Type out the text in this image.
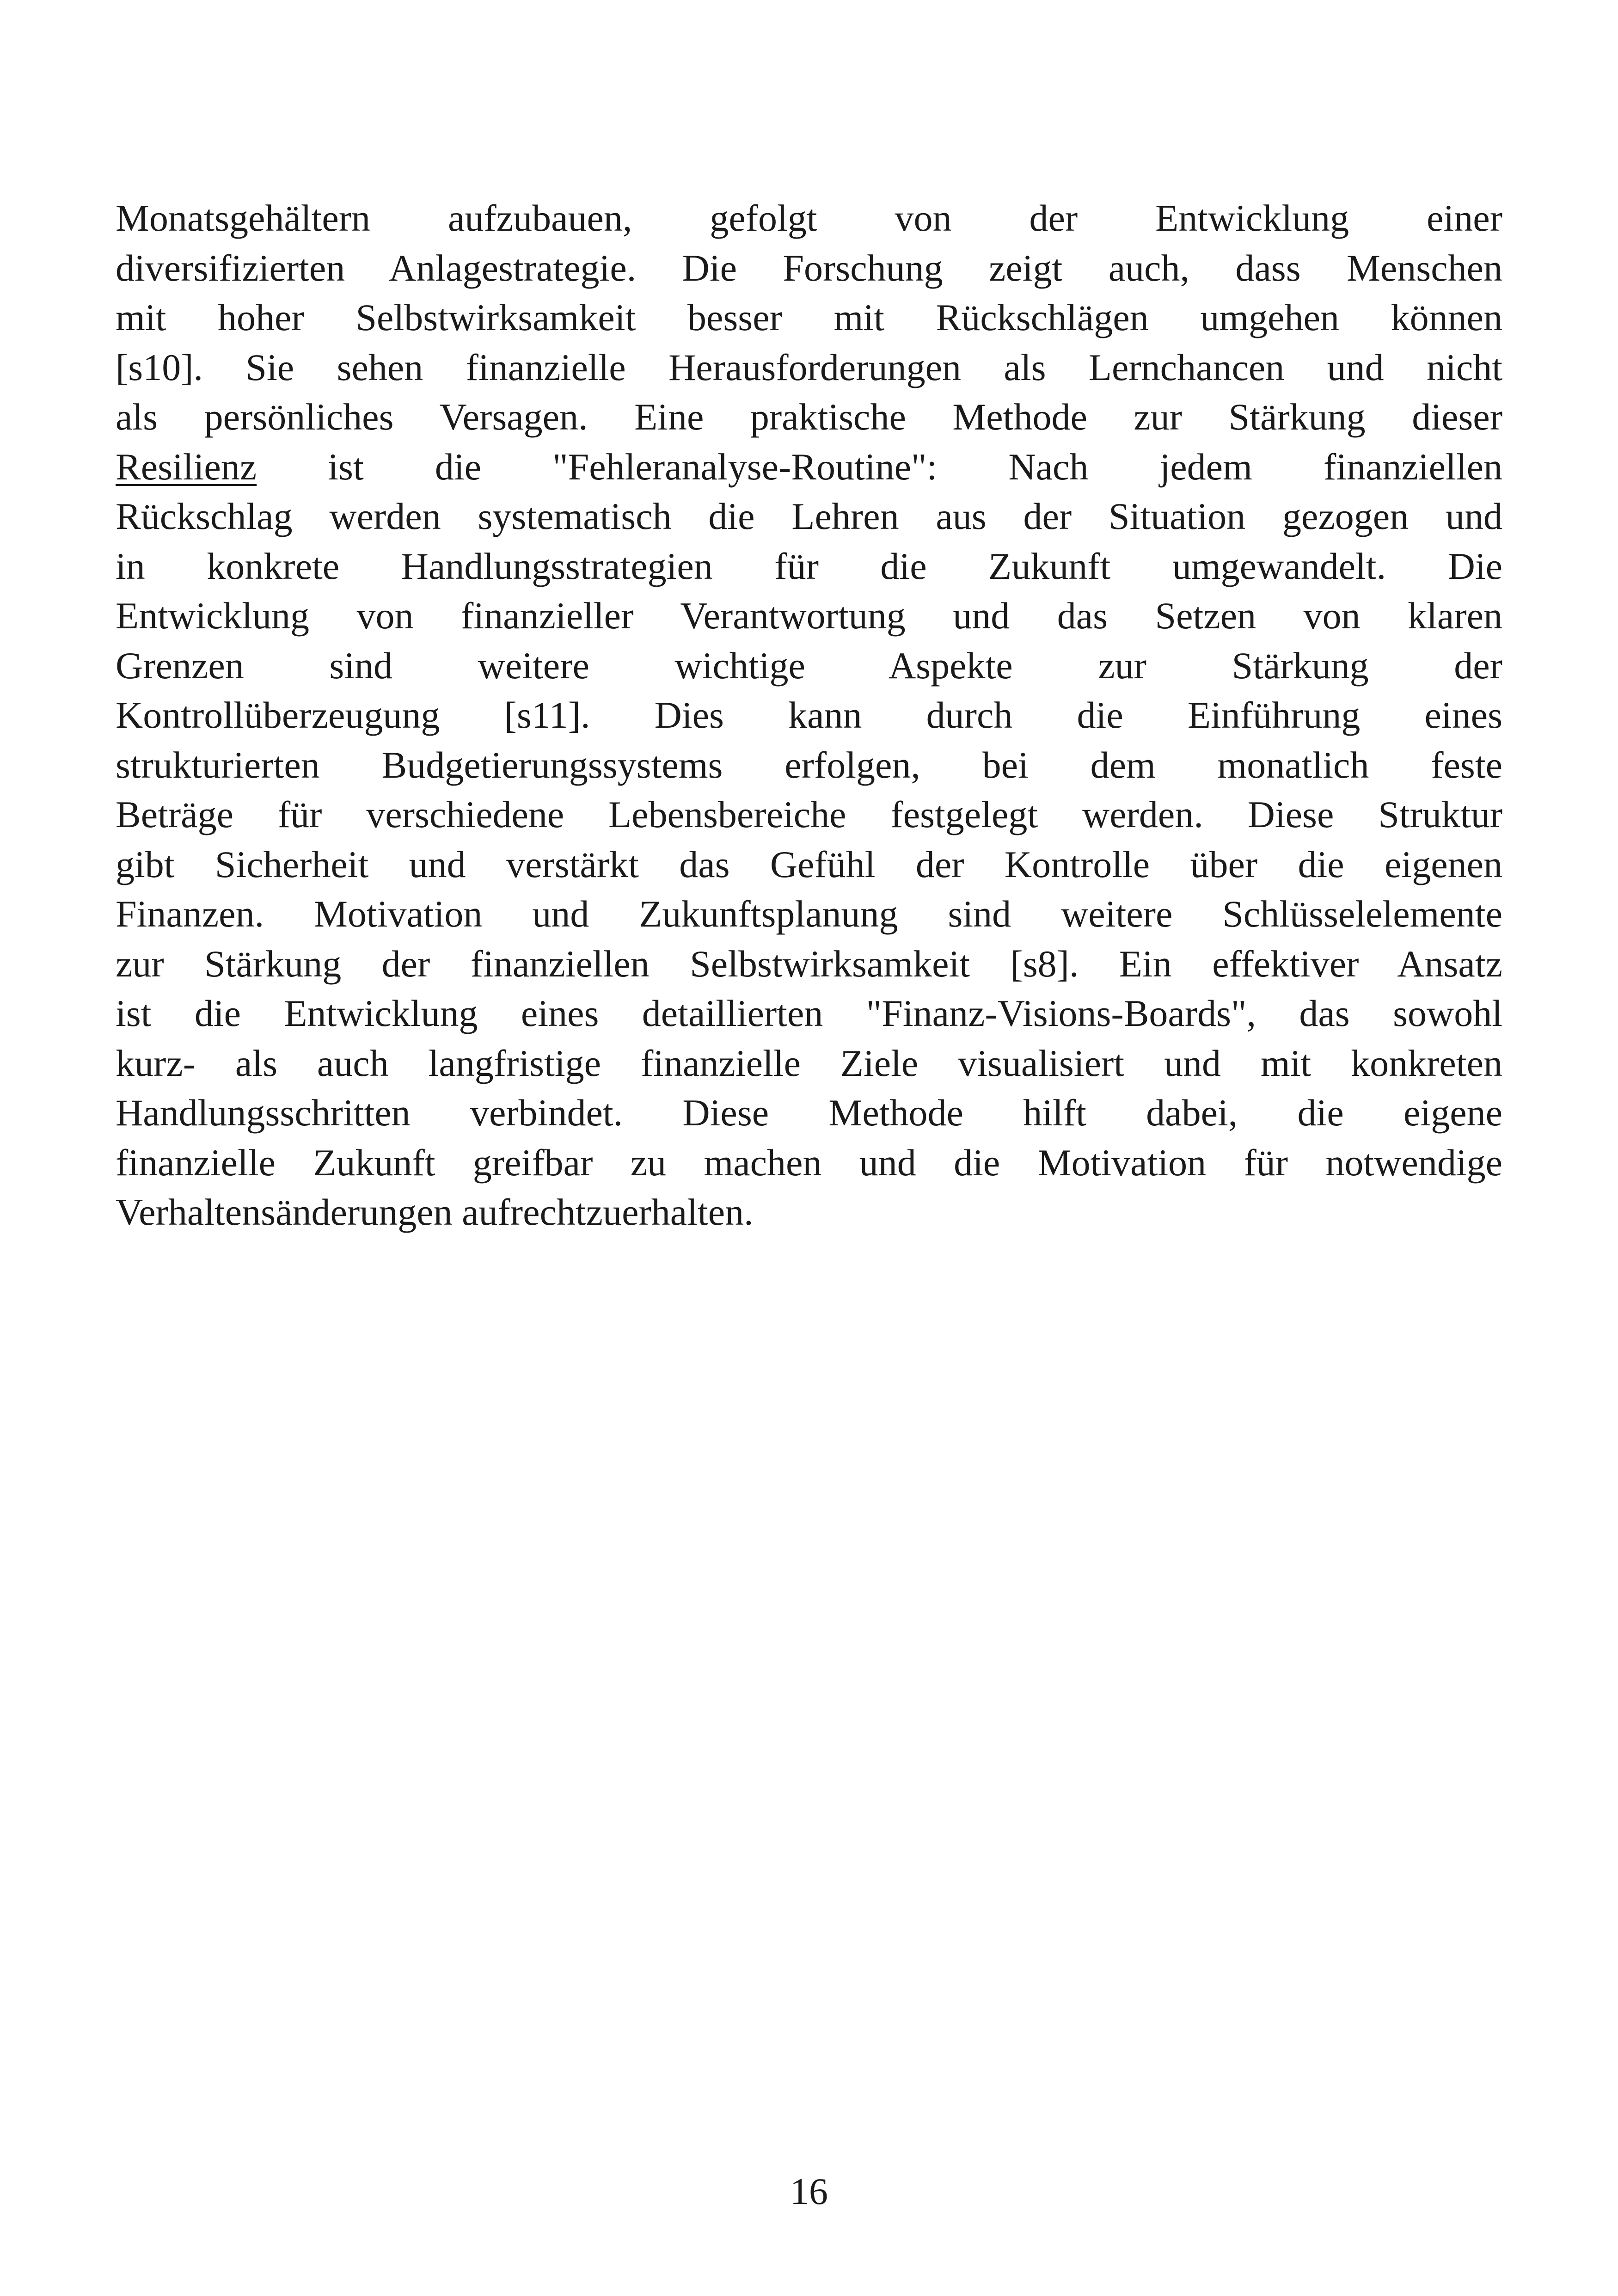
Monatsgehältern aufzubauen, gefolgt von der Entwicklung einer
diversifizierten Anlagestrategie. Die Forschung zeigt auch, dass Menschen
mit hoher Selbstwirksamkeit besser mit Rückschlägen umgehen können
[s10]. Sie sehen finanzielle Herausforderungen als Lernchancen und nicht
als persönliches Versagen. Eine praktische Methode zur Stärkung dieser
Resilienz ist die "Fehleranalyse-Routine": Nach jedem finanziellen
Rückschlag werden systematisch die Lehren aus der Situation gezogen und
in konkrete Handlungsstrategien für die Zukunft umgewandelt. Die
Entwicklung von finanzieller Verantwortung und das Setzen von klaren
Grenzen sind weitere wichtige Aspekte zur Stärkung der
Kontrollüberzeugung [s11]. Dies kann durch die Einführung eines
strukturierten Budgetierungssystems erfolgen, bei dem monatlich feste
Beträge für verschiedene Lebensbereiche festgelegt werden. Diese Struktur
gibt Sicherheit und verstärkt das Gefühl der Kontrolle über die eigenen
Finanzen. Motivation und Zukunftsplanung sind weitere Schlüsselelemente
zur Stärkung der finanziellen Selbstwirksamkeit [s8]. Ein effektiver Ansatz
ist die Entwicklung eines detaillierten "Finanz-Visions-Boards", das sowohl
kurz- als auch langfristige finanzielle Ziele visualisiert und mit konkreten
Handlungsschritten verbindet. Diese Methode hilft dabei, die eigene
finanzielle Zukunft greifbar zu machen und die Motivation für notwendige
Verhaltensänderungen aufrechtzuerhalten.

16
